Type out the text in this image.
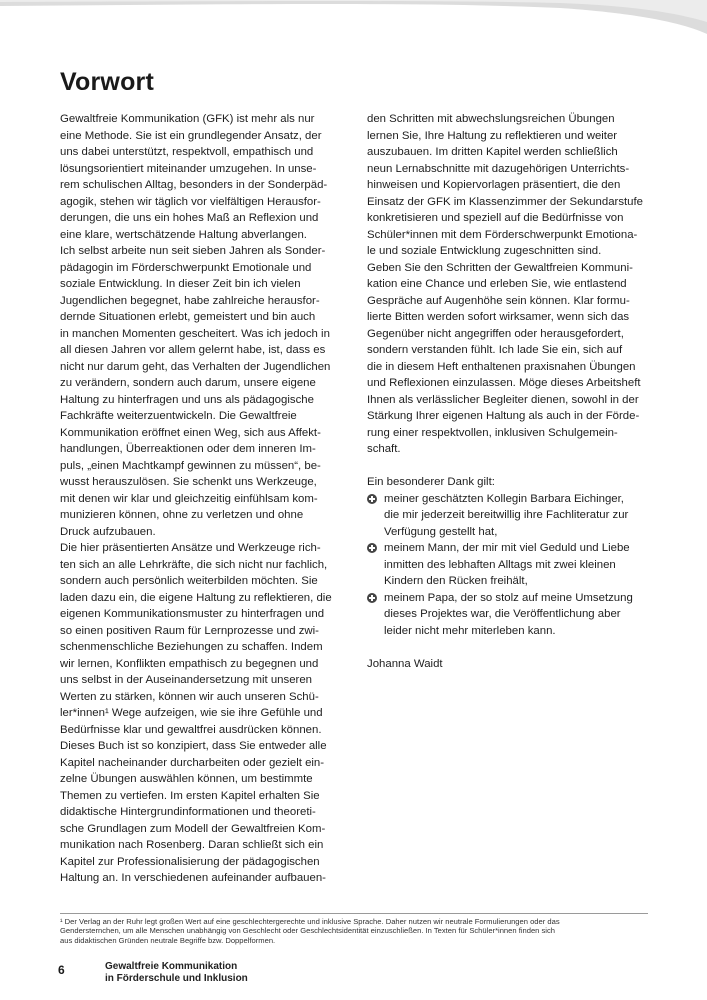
Vorwort
Gewaltfreie Kommunikation (GFK) ist mehr als nur
eine Methode. Sie ist ein grundlegender Ansatz, der
uns dabei unterstützt, respektvoll, empathisch und
lösungsorientiert miteinander umzugehen. In unse-
rem schulischen Alltag, besonders in der Sonderpäd-
agogik, stehen wir täglich vor vielfältigen Herausfor-
derungen, die uns ein hohes Maß an Reflexion und
eine klare, wertschätzende Haltung abverlangen.
Ich selbst arbeite nun seit sieben Jahren als Sonder-
pädagogin im Förderschwerpunkt Emotionale und
soziale Entwicklung. In dieser Zeit bin ich vielen
Jugendlichen begegnet, habe zahlreiche herausfor-
dernde Situationen erlebt, gemeistert und bin auch
in manchen Momenten gescheitert. Was ich jedoch in
all diesen Jahren vor allem gelernt habe, ist, dass es
nicht nur darum geht, das Verhalten der Jugendlichen
zu verändern, sondern auch darum, unsere eigene
Haltung zu hinterfragen und uns als pädagogische
Fachkräfte weiterzuentwickeln. Die Gewaltfreie
Kommunikation eröffnet einen Weg, sich aus Affekt-
handlungen, Überreaktionen oder dem inneren Im-
puls, „einen Machtkampf gewinnen zu müssen“, be-
wusst herauszulösen. Sie schenkt uns Werkzeuge,
mit denen wir klar und gleichzeitig einfühlsam kom-
munizieren können, ohne zu verletzen und ohne
Druck aufzubauen.
Die hier präsentierten Ansätze und Werkzeuge rich-
ten sich an alle Lehrkräfte, die sich nicht nur fachlich,
sondern auch persönlich weiterbilden möchten. Sie
laden dazu ein, die eigene Haltung zu reflektieren, die
eigenen Kommunikationsmuster zu hinterfragen und
so einen positiven Raum für Lernprozesse und zwi-
schenmenschliche Beziehungen zu schaffen. Indem
wir lernen, Konflikten empathisch zu begegnen und
uns selbst in der Auseinandersetzung mit unseren
Werten zu stärken, können wir auch unseren Schü-
ler*innen¹ Wege aufzeigen, wie sie ihre Gefühle und
Bedürfnisse klar und gewaltfrei ausdrücken können.
Dieses Buch ist so konzipiert, dass Sie entweder alle
Kapitel nacheinander durcharbeiten oder gezielt ein-
zelne Übungen auswählen können, um bestimmte
Themen zu vertiefen. Im ersten Kapitel erhalten Sie
didaktische Hintergrundinformationen und theoreti-
sche Grundlagen zum Modell der Gewaltfreien Kom-
munikation nach Rosenberg. Daran schließt sich ein
Kapitel zur Professionalisierung der pädagogischen
Haltung an. In verschiedenen aufeinander aufbauen-
den Schritten mit abwechslungsreichen Übungen
lernen Sie, Ihre Haltung zu reflektieren und weiter
auszubauen. Im dritten Kapitel werden schließlich
neun Lernabschnitte mit dazugehörigen Unterrichts-
hinweisen und Kopiervorlagen präsentiert, die den
Einsatz der GFK im Klassenzimmer der Sekundarstufe
konkretisieren und speziell auf die Bedürfnisse von
Schüler*innen mit dem Förderschwerpunkt Emotiona-
le und soziale Entwicklung zugeschnitten sind.
Geben Sie den Schritten der Gewaltfreien Kommuni-
kation eine Chance und erleben Sie, wie entlastend
Gespräche auf Augenhöhe sein können. Klar formu-
lierte Bitten werden sofort wirksamer, wenn sich das
Gegenüber nicht angegriffen oder herausgefordert,
sondern verstanden fühlt. Ich lade Sie ein, sich auf
die in diesem Heft enthaltenen praxisnahen Übungen
und Reflexionen einzulassen. Möge dieses Arbeitsheft
Ihnen als verlässlicher Begleiter dienen, sowohl in der
Stärkung Ihrer eigenen Haltung als auch in der Förde-
rung einer respektvollen, inklusiven Schulgemein-
schaft.
Ein besonderer Dank gilt:
meiner geschätzten Kollegin Barbara Eichinger,
die mir jederzeit bereitwillig ihre Fachliteratur zur
Verfügung gestellt hat,
meinem Mann, der mir mit viel Geduld und Liebe
inmitten des lebhaften Alltags mit zwei kleinen
Kindern den Rücken freihält,
meinem Papa, der so stolz auf meine Umsetzung
dieses Projektes war, die Veröffentlichung aber
leider nicht mehr miterleben kann.
Johanna Waidt
¹ Der Verlag an der Ruhr legt großen Wert auf eine geschlechtergerechte und inklusive Sprache. Daher nutzen wir neutrale Formulierungen oder das
Gendersternchen, um alle Menschen unabhängig von Geschlecht oder Geschlechtsidentität einzuschließen. In Texten für Schüler*innen finden sich
aus didaktischen Gründen neutrale Begriffe bzw. Doppelformen.
6	Gewaltfreie Kommunikation
in Förderschule und Inklusion
